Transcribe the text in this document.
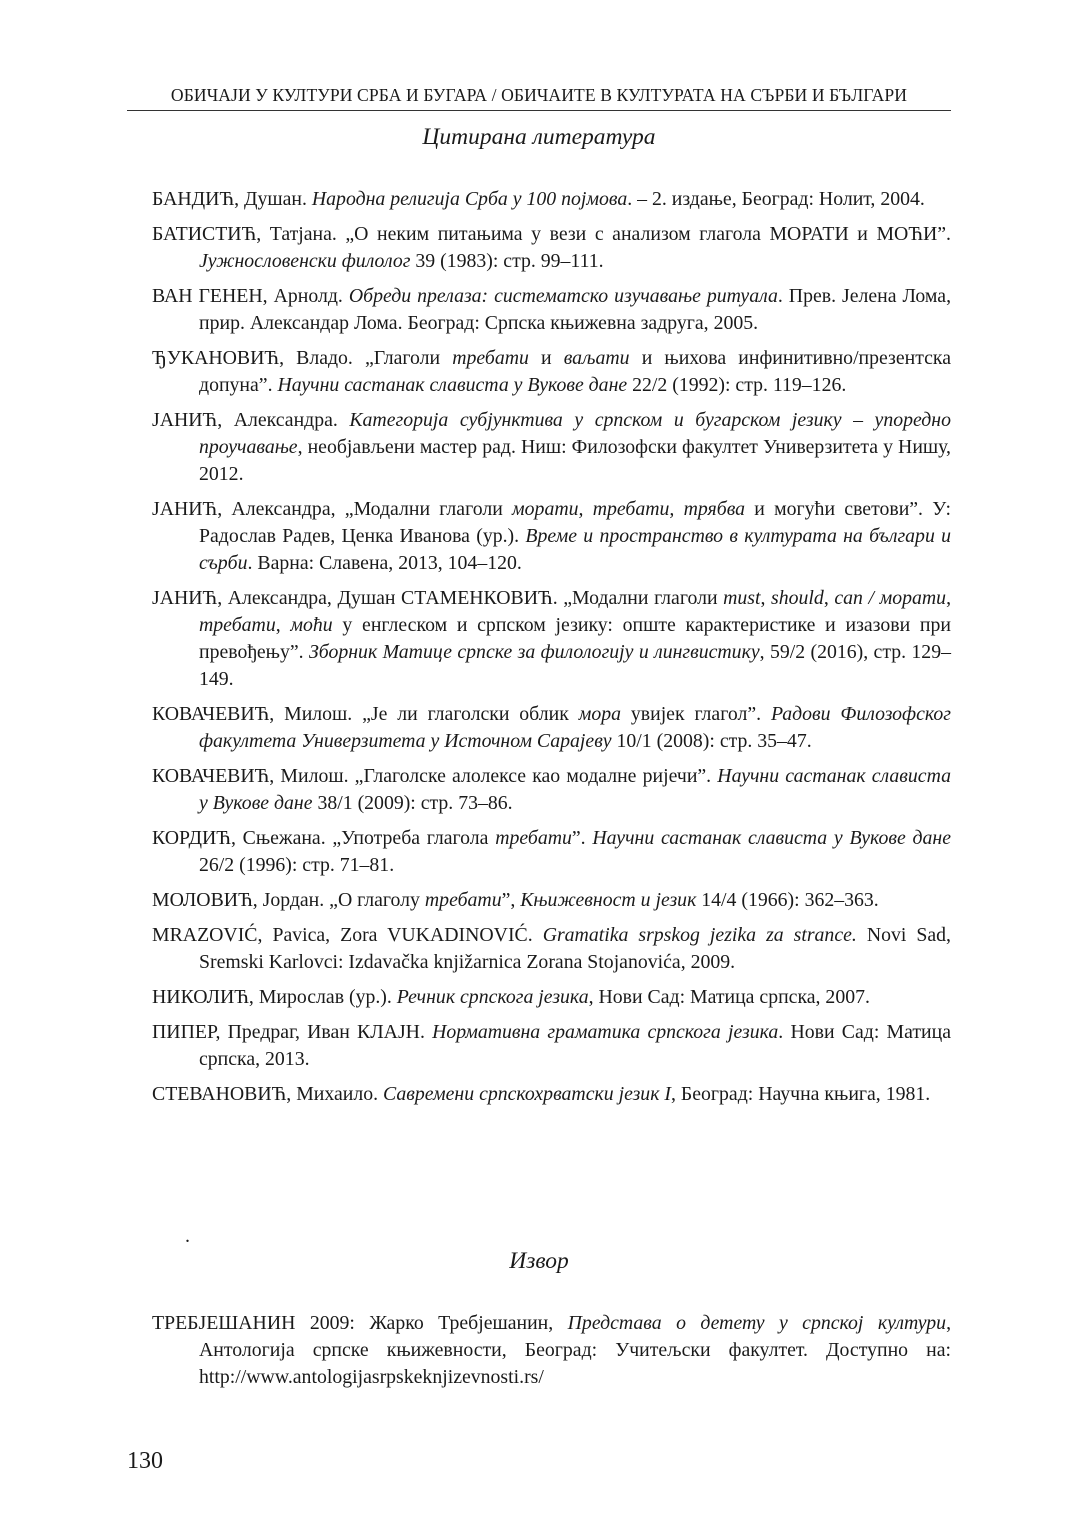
ОБИЧАЈИ У КУЛТУРИ СРБА И БУГАРА / ОБИЧАИТЕ В КУЛТУРАТА НА СЪРБИ И БЪЛГАРИ
Цитирана литература

БАНДИЋ, Душан. Народна религија Срба у 100 појмова. – 2. издање, Београд: Нолит, 2004.

БАТИСТИЋ, Татјана. „О неким питањима у вези с анализом глагола МОРАТИ и МОЋИ”. Јужнословенски филолог 39 (1983): стр. 99–111.

ВАН ГЕНЕН, Арнолд. Обреди прелаза: систематско изучавање ритуала. Прев. Јелена Лома, прир. Александар Лома. Београд: Српска књижевна задруга, 2005.

ЂУКАНОВИЋ, Владо. „Глаголи требати и ваљати и њихова инфинитивно/презентска допуна”. Научни састанак слависта у Вукове дане 22/2 (1992): стр. 119–126.

ЈАНИЋ, Александра. Категорија субјунктива у српском и бугарском језику – упоредно проучавање, необјављени мастер рад. Ниш: Филозофски факултет Универзитета у Нишу, 2012.

ЈАНИЋ, Александра, „Модални глаголи морати, требати, трябва и могући светови”. У: Радослав Радев, Ценка Иванова (ур.). Време и пространство в културата на българи и сърби. Варна: Славена, 2013, 104–120.

ЈАНИЋ, Александра, Душан СТАМЕНКОВИЋ. „Модални глаголи must, should, can / морати, требати, моћи у енглеском и српском језику: опште карактеристике и изазови при превођењу”. Зборник Матице српске за филологију и лингвистику, 59/2 (2016), стр. 129–149.

КОВАЧЕВИЋ, Милош. „Је ли глаголски облик мора увијек глагол”. Радови Филозофског факултета Универзитета у Источном Сарајеву 10/1 (2008): стр. 35–47.

КОВАЧЕВИЋ, Милош. „Глаголске алолексе као модалне ријечи”. Научни састанак слависта у Вукове дане 38/1 (2009): стр. 73–86.

КОРДИЋ, Сњежана. „Употреба глагола требати”. Научни састанак слависта у Вукове дане 26/2 (1996): стр. 71–81.

МОЛОВИЋ, Јордан. „О глаголу требати”, Књижевност и језик 14/4 (1966): 362–363.

MRAZOVIĆ, Pavica, Zora VUKADINOVIĆ. Gramatika srpskog jezika za strance. Novi Sad, Sremski Karlovci: Izdavačka knjižarnica Zorana Stojanovića, 2009.

НИКОЛИЋ, Мирослав (ур.). Речник српскога језика, Нови Сад: Матица српска, 2007.

ПИПЕР, Предраг, Иван КЛАЈН. Нормативна граматика српскога језика. Нови Сад: Матица српска, 2013.

СТЕВАНОВИЋ, Михаило. Савремени српскохрватски језик I, Београд: Научна књига, 1981.

.
Извор

ТРЕБЈЕШАНИН 2009: Жарко Требјешанин, Представа о детету у српској култури, Антологија српске књижевности, Београд: Учитељски факултет. Доступно на: http://www.antologijasrpskeknjizevnosti.rs/

130
